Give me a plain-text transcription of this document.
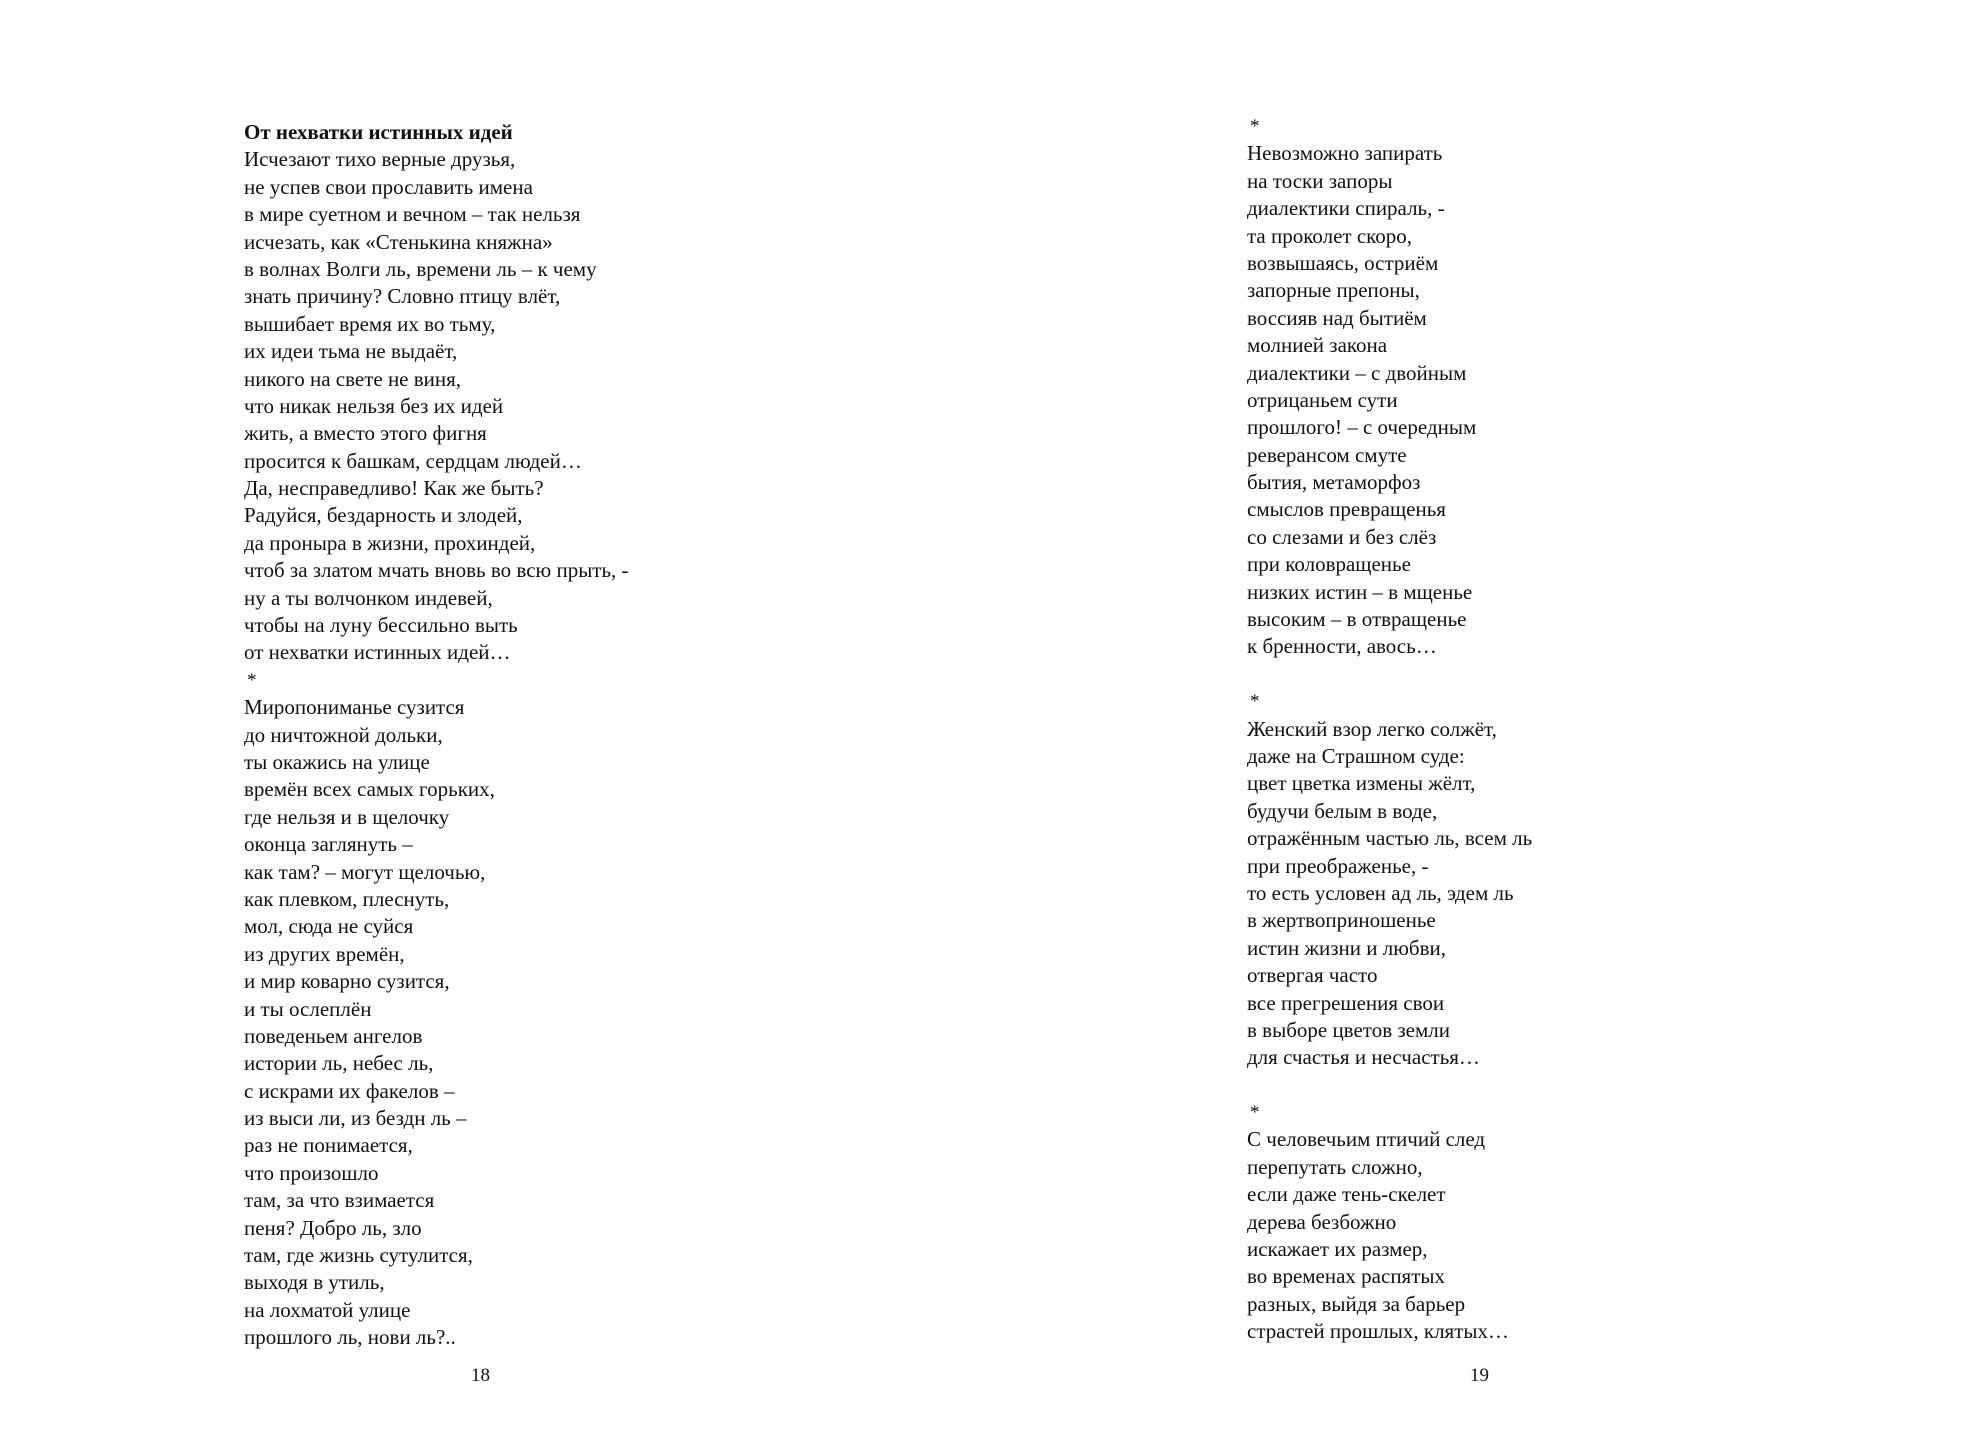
От нехватки истинных идей
Исчезают тихо верные друзья,
не успев свои прославить имена
в мире суетном и вечном – так нельзя
исчезать, как «Стенькина княжна»
в волнах Волги ль, времени ль – к чему
знать причину? Словно птицу влёт,
вышибает время их во тьму,
их идеи тьма не выдаёт,
никого на свете не виня,
что никак нельзя без их идей
жить, а вместо этого фигня
просится к башкам, сердцам людей…
Да, несправедливо! Как же быть?
Радуйся, бездарность и злодей,
да проныра в жизни, прохиндей,
чтоб за златом мчать вновь во всю прыть, -
ну а ты волчонком индевей,
чтобы на луну бессильно выть
от нехватки истинных идей…
*
Миропониманье сузится
до ничтожной дольки,
ты окажись на улице
времён всех самых горьких,
где нельзя и в щелочку
оконца заглянуть –
как там? – могут щелочью,
как плевком, плеснуть,
мол, сюда не суйся
из других времён,
и мир коварно сузится,
и ты ослеплён
поведеньем ангелов
истории ль, небес ль,
с искрами их факелов –
из выси ли, из бездн ль –
раз не понимается,
что произошло
там, за что взимается
пеня? Добро ль, зло
там, где жизнь сутулится,
выходя в утиль,
на лохматой улице
прошлого ль, нови ль?..
18
*
Невозможно запирать
на тоски запоры
диалектики спираль, -
та проколет скоро,
возвышаясь, остриём
запорные препоны,
воссияв над бытиём
молнией закона
диалектики – с двойным
отрицаньем сути
прошлого! – с очередным
реверансом смуте
бытия, метаморфоз
смыслов превращенья
со слезами и без слёз
при коловращенье
низких истин – в мщенье
высоким – в отвращенье
к бренности, авось…
*
Женский взор легко солжёт,
даже на Страшном суде:
цвет цветка измены жёлт,
будучи белым в воде,
отражённым частью ль, всем ль
при преображенье, -
то есть условен ад ль, эдем ль
в жертвоприношенье
истин жизни и любви,
отвергая часто
все прегрешения свои
в выборе цветов земли
для счастья и несчастья…
*
С человечьим птичий след
перепутать сложно,
если даже тень-скелет
дерева безбожно
искажает их размер,
во временах распятых
разных, выйдя за барьер
страстей прошлых, клятых…
19
